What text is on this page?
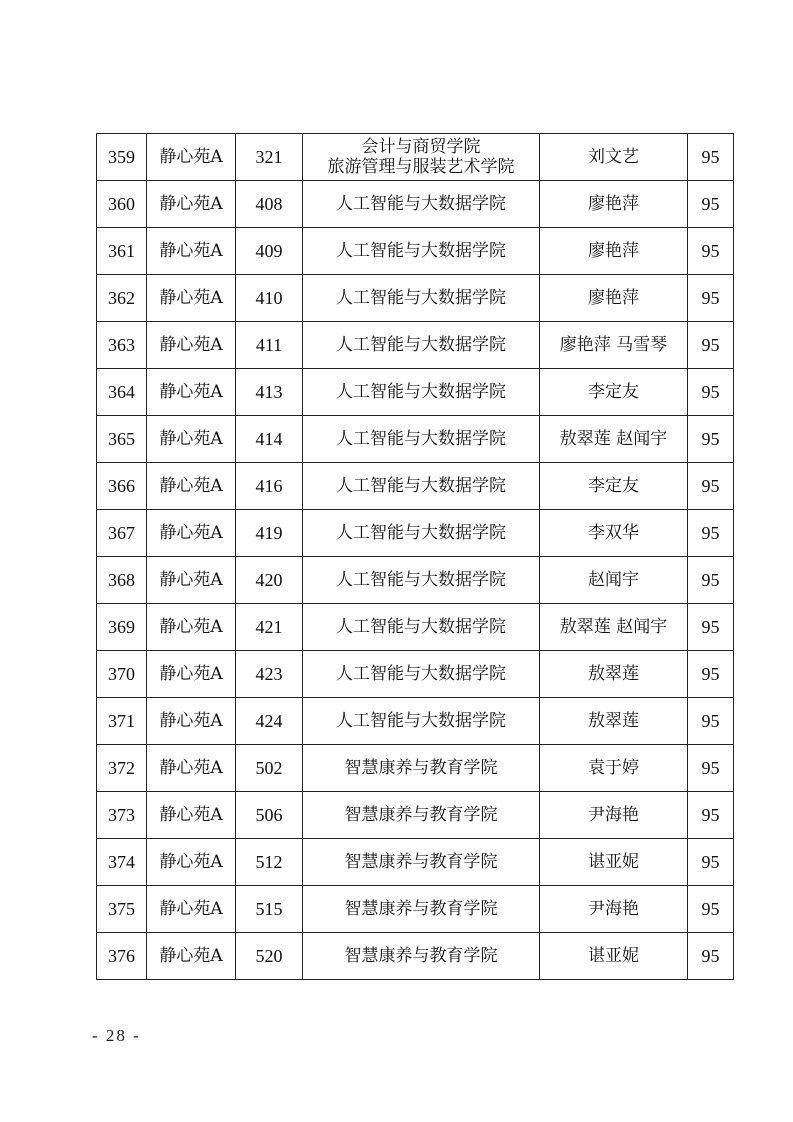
359	静心苑A	321	会计与商贸学院
旅游管理与服装艺术学院	刘文艺	95
360	静心苑A	408	人工智能与大数据学院	廖艳萍	95
361	静心苑A	409	人工智能与大数据学院	廖艳萍	95
362	静心苑A	410	人工智能与大数据学院	廖艳萍	95
363	静心苑A	411	人工智能与大数据学院	廖艳萍 马雪琴	95
364	静心苑A	413	人工智能与大数据学院	李定友	95
365	静心苑A	414	人工智能与大数据学院	敖翠莲 赵闻宇	95
366	静心苑A	416	人工智能与大数据学院	李定友	95
367	静心苑A	419	人工智能与大数据学院	李双华	95
368	静心苑A	420	人工智能与大数据学院	赵闻宇	95
369	静心苑A	421	人工智能与大数据学院	敖翠莲 赵闻宇	95
370	静心苑A	423	人工智能与大数据学院	敖翠莲	95
371	静心苑A	424	人工智能与大数据学院	敖翠莲	95
372	静心苑A	502	智慧康养与教育学院	袁于婷	95
373	静心苑A	506	智慧康养与教育学院	尹海艳	95
374	静心苑A	512	智慧康养与教育学院	谌亚妮	95
375	静心苑A	515	智慧康养与教育学院	尹海艳	95
376	静心苑A	520	智慧康养与教育学院	谌亚妮	95
- 28 -
